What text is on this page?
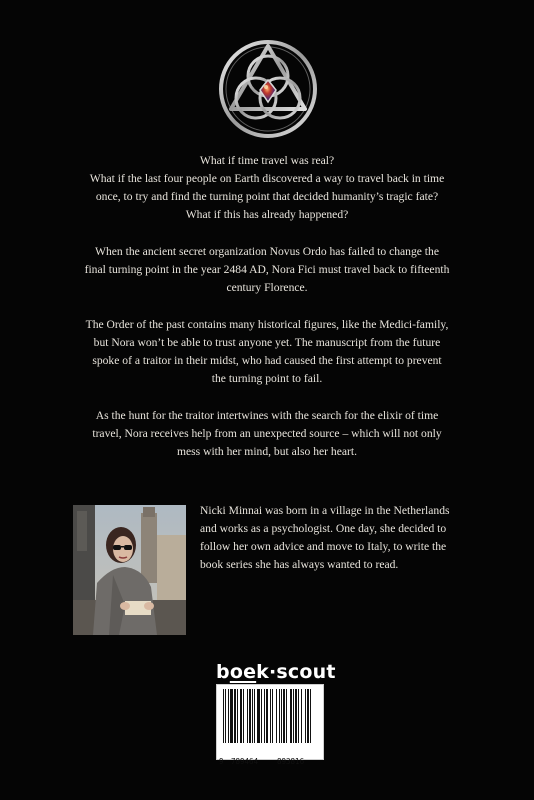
What if time travel was real?
What if the last four people on Earth discovered a way to travel back in time
once, to try and find the turning point that decided humanity’s tragic fate?
What if this has already happened?
When the ancient secret organization Novus Ordo has failed to change the
final turning point in the year 2484 AD, Nora Fici must travel back to fifteenth
century Florence.
The Order of the past contains many historical figures, like the Medici-family,
but Nora won’t be able to trust anyone yet. The manuscript from the future
spoke of a traitor in their midst, who had caused the first attempt to prevent
the turning point to fail.
As the hunt for the traitor intertwines with the search for the elixir of time
travel, Nora receives help from an unexpected source – which will not only
mess with her mind, but also her heart.
Nicki Minnai was born in a village in the Netherlands
and works as a psychologist. One day, she decided to
follow her own advice and move to Italy, to write the
book series she has always wanted to read.
boek·scout
9 789464	893816
